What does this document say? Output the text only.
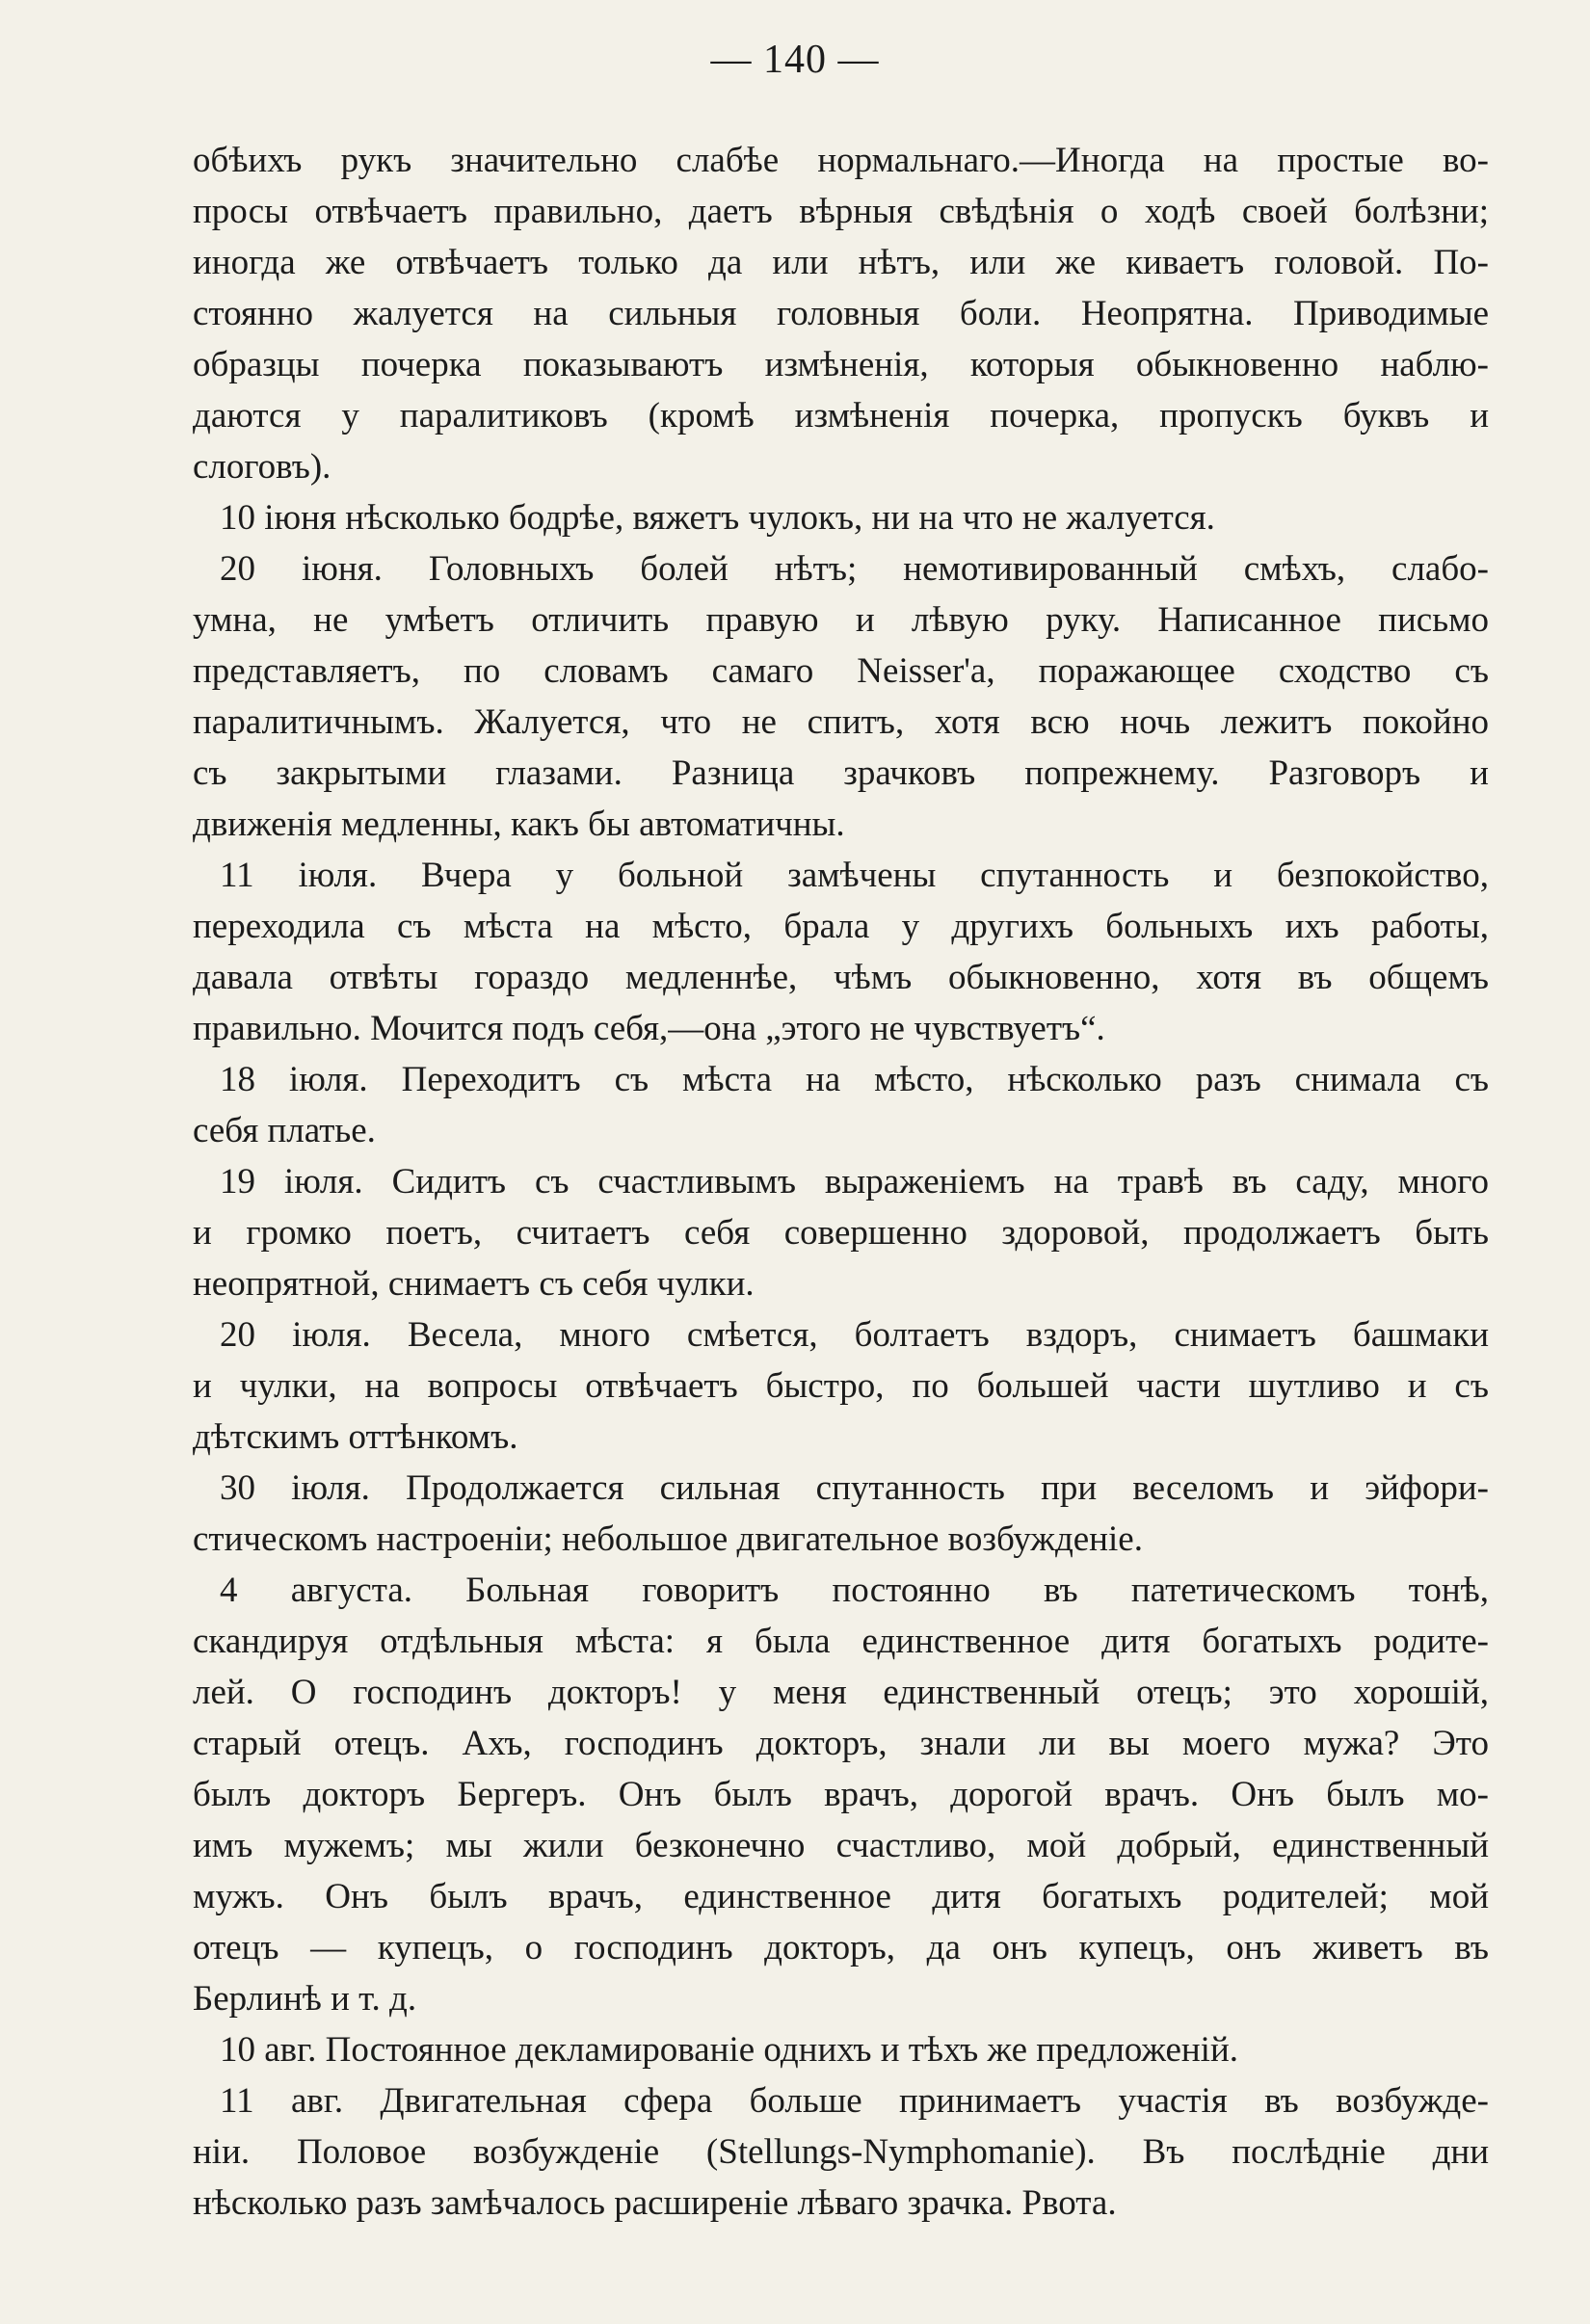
— 140 —
обѣихъ рукъ значительно слабѣе нормальнаго.—Иногда на простые во-
просы отвѣчаетъ правильно, даетъ вѣрныя свѣдѣнія о ходѣ своей болѣзни;
иногда же отвѣчаетъ только да или нѣтъ, или же киваетъ головой. По-
стоянно жалуется на сильныя головныя боли. Неопрятна. Приводимые
образцы почерка показываютъ измѣненія, которыя обыкновенно наблю-
даются у паралитиковъ (кромѣ измѣненія почерка, пропускъ буквъ и
слоговъ).
10 іюня нѣсколько бодрѣе, вяжетъ чулокъ, ни на что не жалуется.
20 іюня. Головныхъ болей нѣтъ; немотивированный смѣхъ, слабо-
умна, не умѣетъ отличить правую и лѣвую руку. Написанное письмо
представляетъ, по словамъ самаго Neisser'а, поражающее сходство съ
паралитичнымъ. Жалуется, что не спитъ, хотя всю ночь лежитъ покойно
съ закрытыми глазами. Разница зрачковъ попрежнему. Разговоръ и
движенія медленны, какъ бы автоматичны.
11 іюля. Вчера у больной замѣчены спутанность и безпокойство,
переходила съ мѣста на мѣсто, брала у другихъ больныхъ ихъ работы,
давала отвѣты гораздо медленнѣе, чѣмъ обыкновенно, хотя въ общемъ
правильно. Мочится подъ себя,—она „этого не чувствуетъ“.
18 іюля. Переходитъ съ мѣста на мѣсто, нѣсколько разъ снимала съ
себя платье.
19 іюля. Сидитъ съ счастливымъ выраженіемъ на травѣ въ саду, много
и громко поетъ, считаетъ себя совершенно здоровой, продолжаетъ быть
неопрятной, снимаетъ съ себя чулки.
20 іюля. Весела, много смѣется, болтаетъ вздоръ, снимаетъ башмаки
и чулки, на вопросы отвѣчаетъ быстро, по большей части шутливо и съ
дѣтскимъ оттѣнкомъ.
30 іюля. Продолжается сильная спутанность при веселомъ и эйфори-
стическомъ настроеніи; небольшое двигательное возбужденіе.
4 августа. Больная говоритъ постоянно въ патетическомъ тонѣ,
скандируя отдѣльныя мѣста: я была единственное дитя богатыхъ родите-
лей. О господинъ докторъ! у меня единственный отецъ; это хорошій,
старый отецъ. Ахъ, господинъ докторъ, знали ли вы моего мужа? Это
былъ докторъ Бергеръ. Онъ былъ врачъ, дорогой врачъ. Онъ былъ мо-
имъ мужемъ; мы жили безконечно счастливо, мой добрый, единственный
мужъ. Онъ былъ врачъ, единственное дитя богатыхъ родителей; мой
отецъ — купецъ, о господинъ докторъ, да онъ купецъ, онъ живетъ въ
Берлинѣ и т. д.
10 авг. Постоянное декламированіе однихъ и тѣхъ же предложеній.
11 авг. Двигательная сфера больше принимаетъ участія въ возбужде-
ніи. Половое возбужденіе (Stellungs-Nymphomanie). Въ послѣдніе дни
нѣсколько разъ замѣчалось расширеніе лѣваго зрачка. Рвота.
